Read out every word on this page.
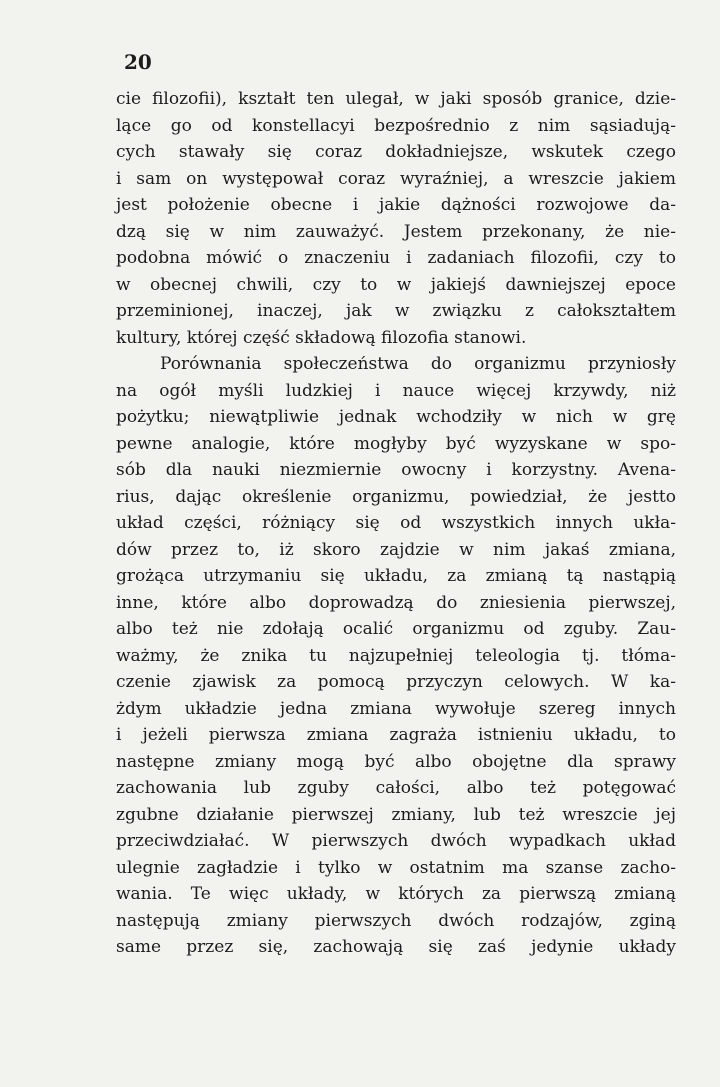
20
cie filozofii), kształt ten ulegał, w jaki sposób granice, dzie-
lące go od konstellacyi bezpośrednio z nim sąsiadują-
cych stawały się coraz dokładniejsze, wskutek czego
i sam on występował coraz wyraźniej, a wreszcie jakiem
jest położenie obecne i jakie dążności rozwojowe da-
dzą się w nim zauważyć. Jestem przekonany, że nie-
podobna mówić o znaczeniu i zadaniach filozofii, czy to
w obecnej chwili, czy to w jakiejś dawniejszej epoce
przeminionej, inaczej, jak w związku z całokształtem
kultury, której część składową filozofia stanowi.
Porównania społeczeństwa do organizmu przyniosły
na ogół myśli ludzkiej i nauce więcej krzywdy, niż
pożytku; niewątpliwie jednak wchodziły w nich w grę
pewne analogie, które mogłyby być wyzyskane w spo-
sób dla nauki niezmiernie owocny i korzystny. Avena-
rius, dając określenie organizmu, powiedział, że jestto
układ części, różniący się od wszystkich innych ukła-
dów przez to, iż skoro zajdzie w nim jakaś zmiana,
grożąca utrzymaniu się układu, za zmianą tą nastąpią
inne, które albo doprowadzą do zniesienia pierwszej,
albo też nie zdołają ocalić organizmu od zguby. Zau-
ważmy, że znika tu najzupełniej teleologia tj. tłóma-
czenie zjawisk za pomocą przyczyn celowych. W ka-
żdym układzie jedna zmiana wywołuje szereg innych
i jeżeli pierwsza zmiana zagraża istnieniu układu, to
następne zmiany mogą być albo obojętne dla sprawy
zachowania lub zguby całości, albo też potęgować
zgubne działanie pierwszej zmiany, lub też wreszcie jej
przeciwdziałać. W pierwszych dwóch wypadkach układ
ulegnie zagładzie i tylko w ostatnim ma szanse zacho-
wania. Te więc układy, w których za pierwszą zmianą
następują zmiany pierwszych dwóch rodzajów, zginą
same przez się, zachowają się zaś jedynie układy
